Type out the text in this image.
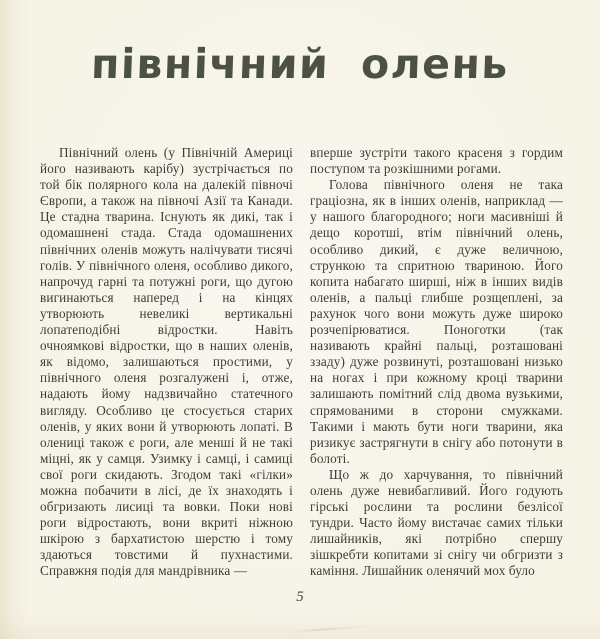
північний олень

Північний олень (у Північній Америці його називають карібу) зустрічається по той бік полярного кола на далекій півночі Європи, а також на півночі Азії та Канади. Це стадна тварина. Існують як дикі, так і одомашнені стада. Стада одомашнених північних оленів можуть налічувати тисячі голів. У північного оленя, особливо дикого, напрочуд гарні та потужні роги, що дугою вигинаються наперед і на кінцях утворюють невеликі вертикальні лопатеподібні відростки. Навіть очноямкові відростки, що в наших оленів, як відомо, залишаються простими, у північного оленя розгалужені і, отже, надають йому надзвичайно статечного вигляду. Особливо це стосується старих оленів, у яких вони й утворюють лопаті. В олениці також є роги, але менші й не такі міцні, як у самця. Узимку і самці, і самиці свої роги скидають. Згодом такі «гілки» можна побачити в лісі, де їх знаходять і обгризають лисиці та вовки. Поки нові роги відростають, вони вкриті ніжною шкірою з бархатистою шерстю і тому здаються товстими й пухнастими. Справжня подія для мандрівника —

вперше зустріти такого красеня з гордим поступом та розкішними рогами.

Голова північного оленя не така граціозна, як в інших оленів, наприклад — у нашого благородного; ноги масивніші й дещо коротші, втім північний олень, особливо дикий, є дуже величною, стрункою та спритною твариною. Його копита набагато ширші, ніж в інших видів оленів, а пальці глибше розщеплені, за рахунок чого вони можуть дуже широко розчепірюватися. Поноготки (так називають крайні пальці, розташовані ззаду) дуже розвинуті, розташовані низько на ногах і при кожному кроці тварини залишають помітний слід двома вузькими, спрямованими в сторони смужками. Такими і мають бути ноги тварини, яка ризикує застрягнути в снігу або потонути в болоті.

Що ж до харчування, то північний олень дуже невибагливий. Його годують гірські рослини та рослини безлісої тундри. Часто йому вистачає самих тільки лишайників, які потрібно спершу зішкребти копитами зі снігу чи обгризти з каміння. Лишайник оленячий мох було

5
